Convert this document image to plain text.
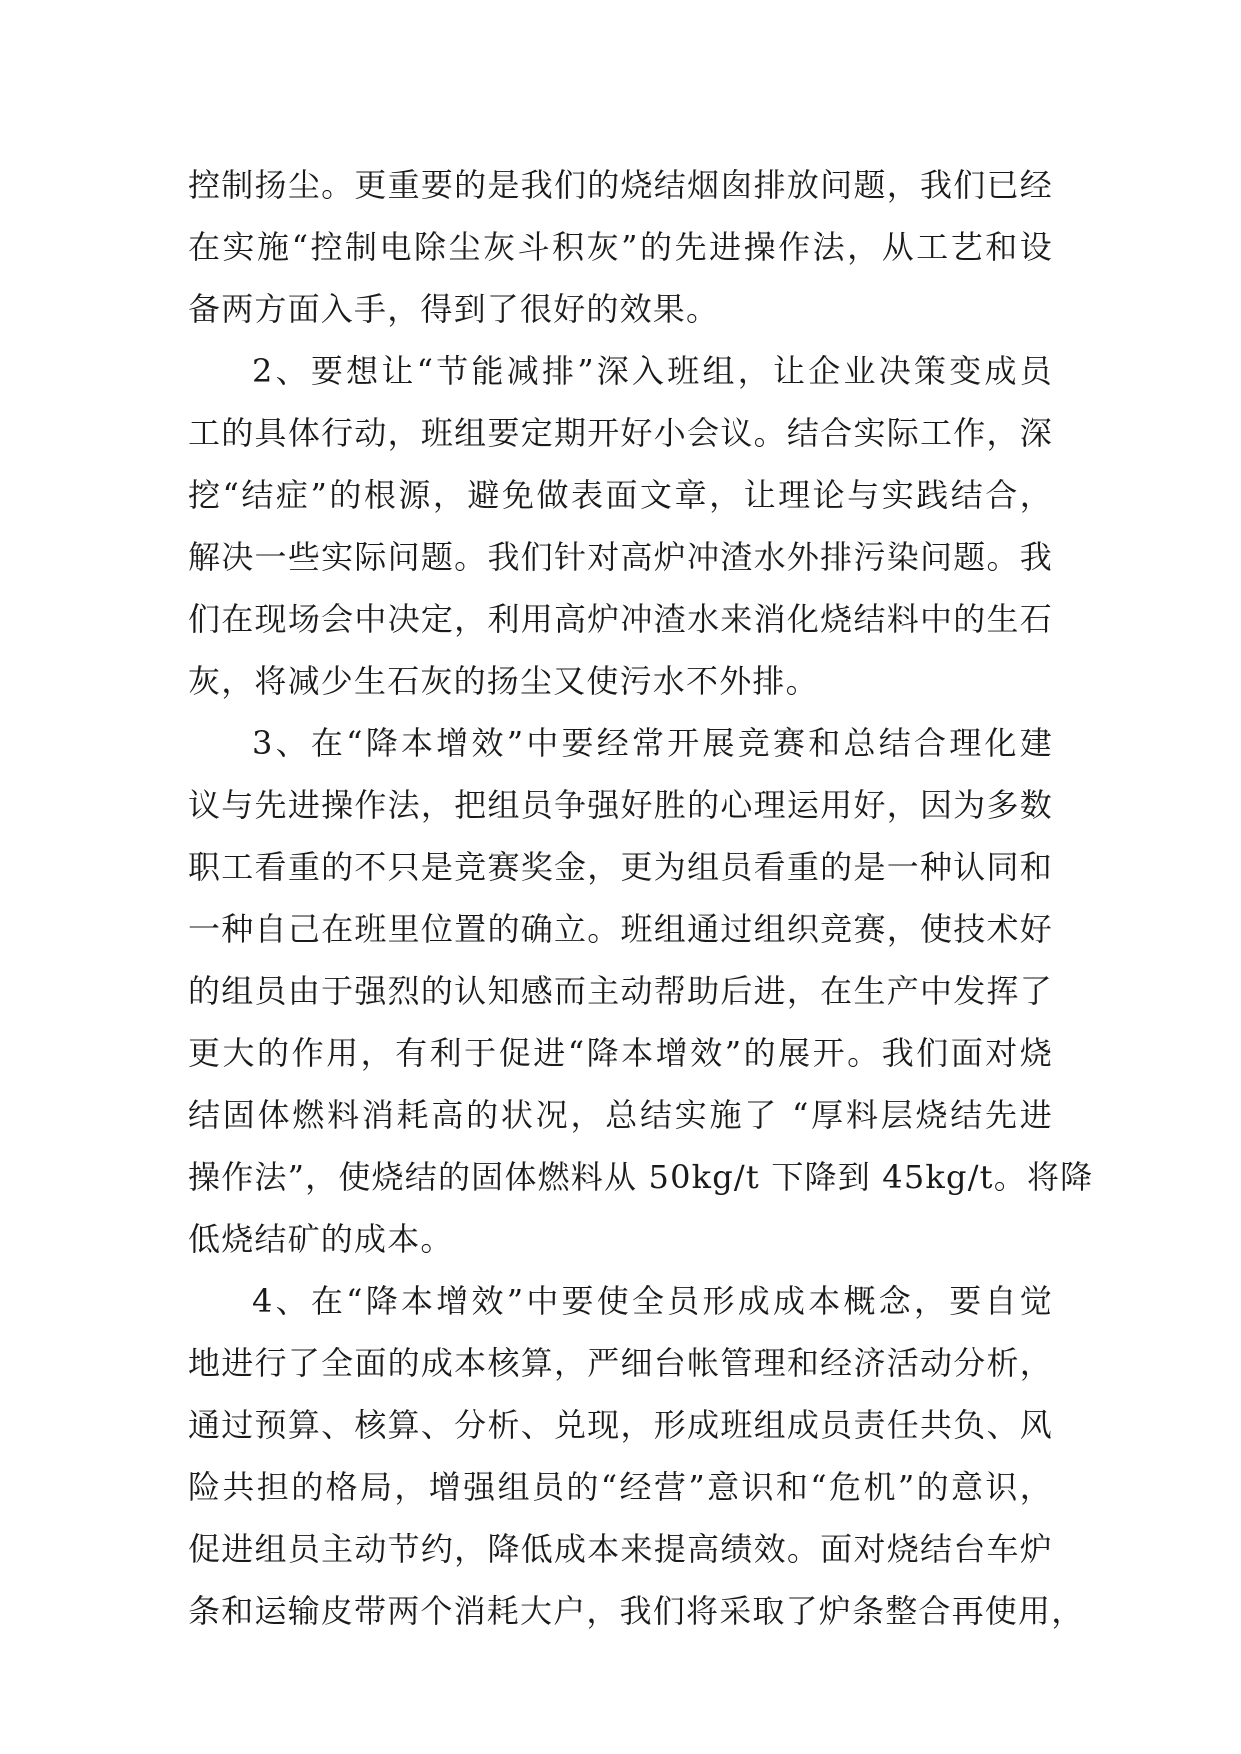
控制扬尘。更重要的是我们的烧结烟囱排放问题，我们已经
在实施“控制电除尘灰斗积灰”的先进操作法，从工艺和设
备两方面入手，得到了很好的效果。
2、要想让“节能减排”深入班组，让企业决策变成员
工的具体行动，班组要定期开好小会议。结合实际工作，深
挖“结症”的根源，避免做表面文章，让理论与实践结合，
解决一些实际问题。我们针对高炉冲渣水外排污染问题。我
们在现场会中决定，利用高炉冲渣水来消化烧结料中的生石
灰，将减少生石灰的扬尘又使污水不外排。
3、在“降本增效”中要经常开展竞赛和总结合理化建
议与先进操作法，把组员争强好胜的心理运用好，因为多数
职工看重的不只是竞赛奖金，更为组员看重的是一种认同和
一种自己在班里位置的确立。班组通过组织竞赛，使技术好
的组员由于强烈的认知感而主动帮助后进，在生产中发挥了
更大的作用，有利于促进“降本增效”的展开。我们面对烧
结固体燃料消耗高的状况，总结实施了 “厚料层烧结先进
操作法”，使烧结的固体燃料从 50kg/t 下降到 45kg/t。将降
低烧结矿的成本。
4、在“降本增效”中要使全员形成成本概念，要自觉
地进行了全面的成本核算，严细台帐管理和经济活动分析，
通过预算、核算、分析、兑现，形成班组成员责任共负、风
险共担的格局，增强组员的“经营”意识和“危机”的意识，
促进组员主动节约，降低成本来提高绩效。面对烧结台车炉
条和运输皮带两个消耗大户，我们将采取了炉条整合再使用，
